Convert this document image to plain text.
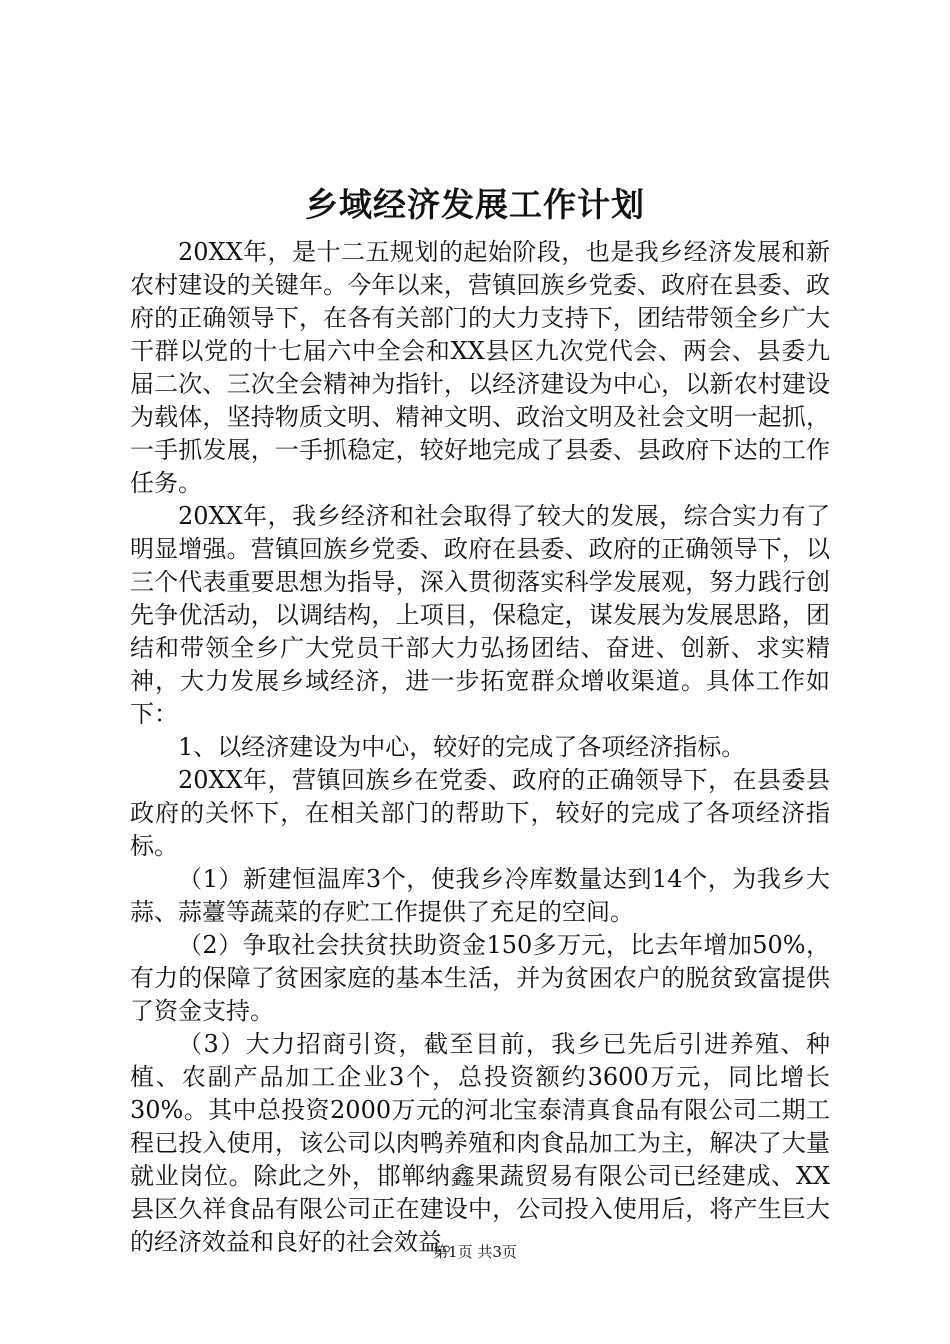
乡域经济发展工作计划

20XX年，是十二五规划的起始阶段，也是我乡经济发展和新农村建设的关键年。今年以来，营镇回族乡党委、政府在县委、政府的正确领导下，在各有关部门的大力支持下，团结带领全乡广大干群以党的十七届六中全会和XX县区九次党代会、两会、县委九届二次、三次全会精神为指针，以经济建设为中心，以新农村建设为载体，坚持物质文明、精神文明、政治文明及社会文明一起抓，一手抓发展，一手抓稳定，较好地完成了县委、县政府下达的工作任务。

20XX年，我乡经济和社会取得了较大的发展，综合实力有了明显增强。营镇回族乡党委、政府在县委、政府的正确领导下，以三个代表重要思想为指导，深入贯彻落实科学发展观，努力践行创先争优活动，以调结构，上项目，保稳定，谋发展为发展思路，团结和带领全乡广大党员干部大力弘扬团结、奋进、创新、求实精神，大力发展乡域经济，进一步拓宽群众增收渠道。具体工作如下：

1、以经济建设为中心，较好的完成了各项经济指标。

20XX年，营镇回族乡在党委、政府的正确领导下，在县委县政府的关怀下，在相关部门的帮助下，较好的完成了各项经济指标。

（1）新建恒温库3个，使我乡冷库数量达到14个，为我乡大蒜、蒜薹等蔬菜的存贮工作提供了充足的空间。

（2）争取社会扶贫扶助资金150多万元，比去年增加50%，有力的保障了贫困家庭的基本生活，并为贫困农户的脱贫致富提供了资金支持。

（3）大力招商引资，截至目前，我乡已先后引进养殖、种植、农副产品加工企业3个，总投资额约3600万元，同比增长30%。其中总投资2000万元的河北宝泰清真食品有限公司二期工程已投入使用，该公司以肉鸭养殖和肉食品加工为主，解决了大量就业岗位。除此之外，邯郸纳鑫果蔬贸易有限公司已经建成、XX县区久祥食品有限公司正在建设中，公司投入使用后，将产生巨大的经济效益和良好的社会效益。

第1页 共3页
